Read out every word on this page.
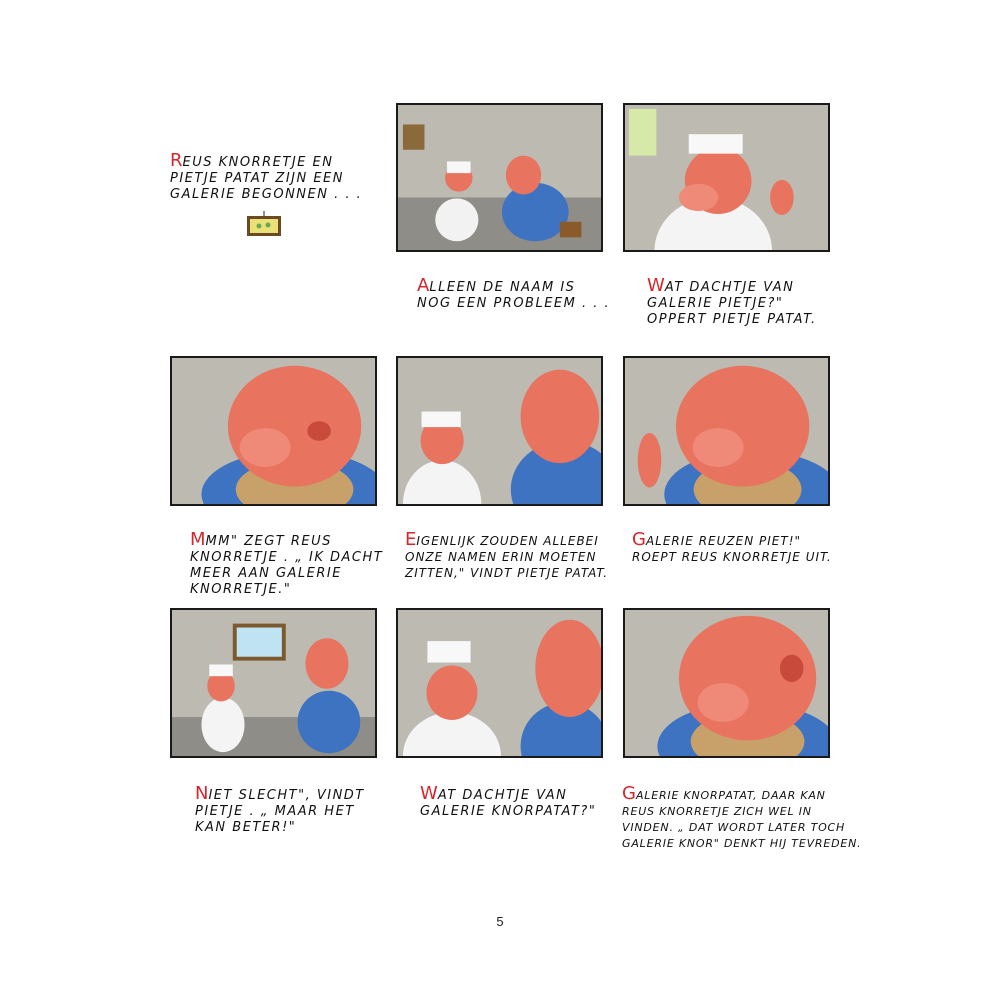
REUS KNORRETJE EN
PIETJE PATAT ZIJN EEN
GALERIE BEGONNEN . . .

ALLEEN DE NAAM IS
NOG EEN PROBLEEM . . .

WAT DACHTJE VAN
GALERIE PIETJE?"
OPPERT PIETJE PATAT.

MMM" ZEGT REUS
KNORRETJE . „ IK DACHT
MEER AAN GALERIE
KNORRETJE."

EIGENLIJK ZOUDEN ALLEBEI
ONZE NAMEN ERIN MOETEN
ZITTEN," VINDT PIETJE PATAT.

GALERIE REUZEN PIET!"
ROEPT REUS KNORRETJE UIT.

NIET SLECHT", VINDT
PIETJE . „ MAAR HET
KAN BETER!"

WAT DACHTJE VAN
GALERIE KNORPATAT?"

GALERIE KNORPATAT, DAAR KAN
REUS KNORRETJE ZICH WEL IN
VINDEN. „ DAT WORDT LATER TOCH
GALERIE KNOR" DENKT HIJ TEVREDEN.

5
